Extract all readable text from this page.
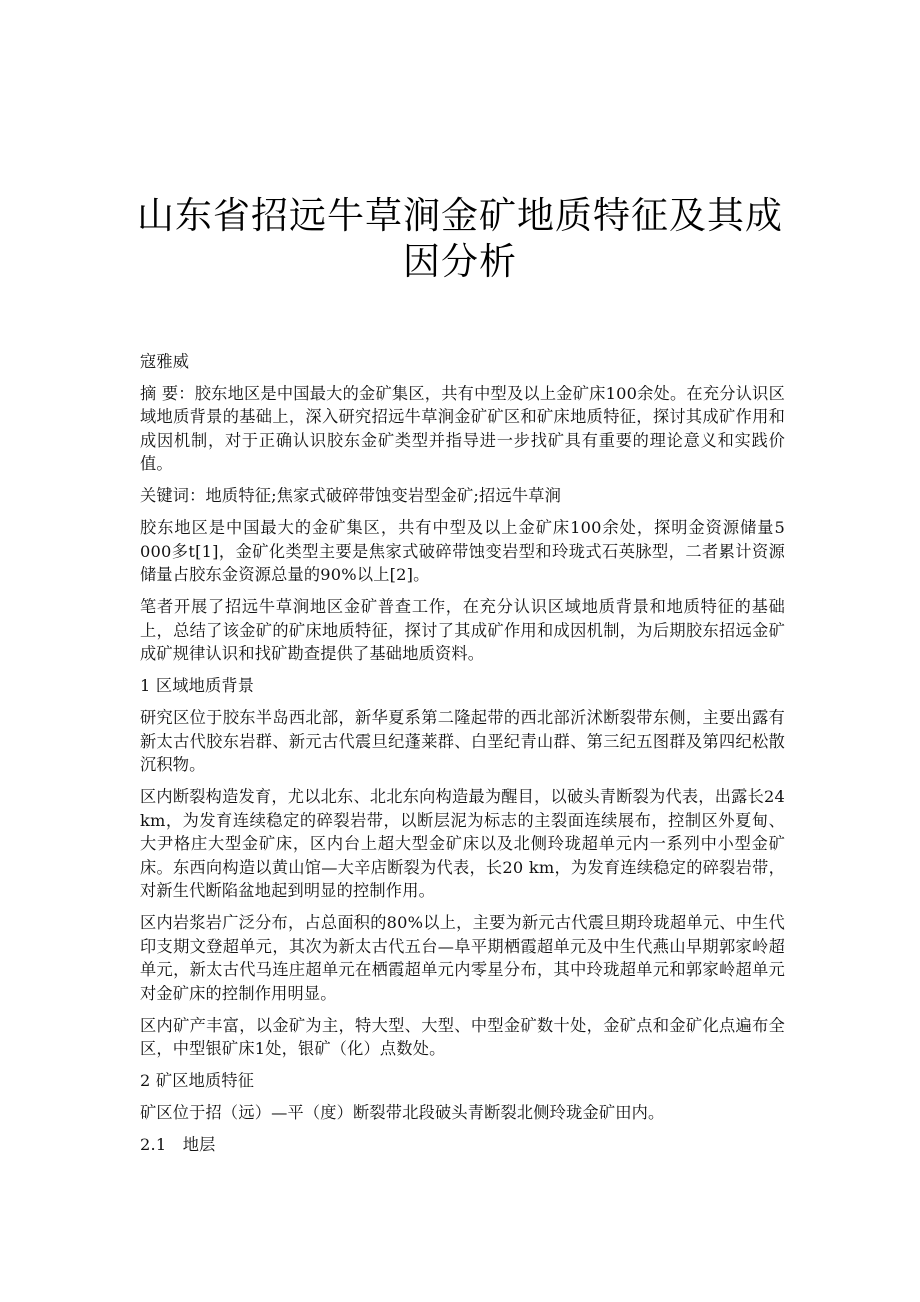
山东省招远牛草涧金矿地质特征及其成因分析

寇雅威

摘 要：胶东地区是中国最大的金矿集区，共有中型及以上金矿床100余处。在充分认识区域地质背景的基础上，深入研究招远牛草涧金矿矿区和矿床地质特征，探讨其成矿作用和成因机制，对于正确认识胶东金矿类型并指导进一步找矿具有重要的理论意义和实践价值。

关键词：地质特征;焦家式破碎带蚀变岩型金矿;招远牛草涧

胶东地区是中国最大的金矿集区，共有中型及以上金矿床100余处，探明金资源储量5 000多t[1]，金矿化类型主要是焦家式破碎带蚀变岩型和玲珑式石英脉型，二者累计资源储量占胶东金资源总量的90%以上[2]。

笔者开展了招远牛草涧地区金矿普查工作，在充分认识区域地质背景和地质特征的基础上，总结了该金矿的矿床地质特征，探讨了其成矿作用和成因机制，为后期胶东招远金矿成矿规律认识和找矿勘查提供了基础地质资料。

1 区域地质背景

研究区位于胶东半岛西北部，新华夏系第二隆起带的西北部沂沭断裂带东侧，主要出露有新太古代胶东岩群、新元古代震旦纪蓬莱群、白垩纪青山群、第三纪五图群及第四纪松散沉积物。

区内断裂构造发育，尤以北东、北北东向构造最为醒目，以破头青断裂为代表，出露长24 km，为发育连续稳定的碎裂岩带，以断层泥为标志的主裂面连续展布，控制区外夏甸、大尹格庄大型金矿床，区内台上超大型金矿床以及北侧玲珑超单元内一系列中小型金矿床。东西向构造以黄山馆—大辛店断裂为代表，长20 km，为发育连续稳定的碎裂岩带，对新生代断陷盆地起到明显的控制作用。

区内岩浆岩广泛分布，占总面积的80%以上，主要为新元古代震旦期玲珑超单元、中生代印支期文登超单元，其次为新太古代五台—阜平期栖霞超单元及中生代燕山早期郭家岭超单元，新太古代马连庄超单元在栖霞超单元内零星分布，其中玲珑超单元和郭家岭超单元对金矿床的控制作用明显。

区内矿产丰富，以金矿为主，特大型、大型、中型金矿数十处，金矿点和金矿化点遍布全区，中型银矿床1处，银矿（化）点数处。

2 矿区地质特征

矿区位于招（远）—平（度）断裂带北段破头青断裂北侧玲珑金矿田内。

2.1　地层
